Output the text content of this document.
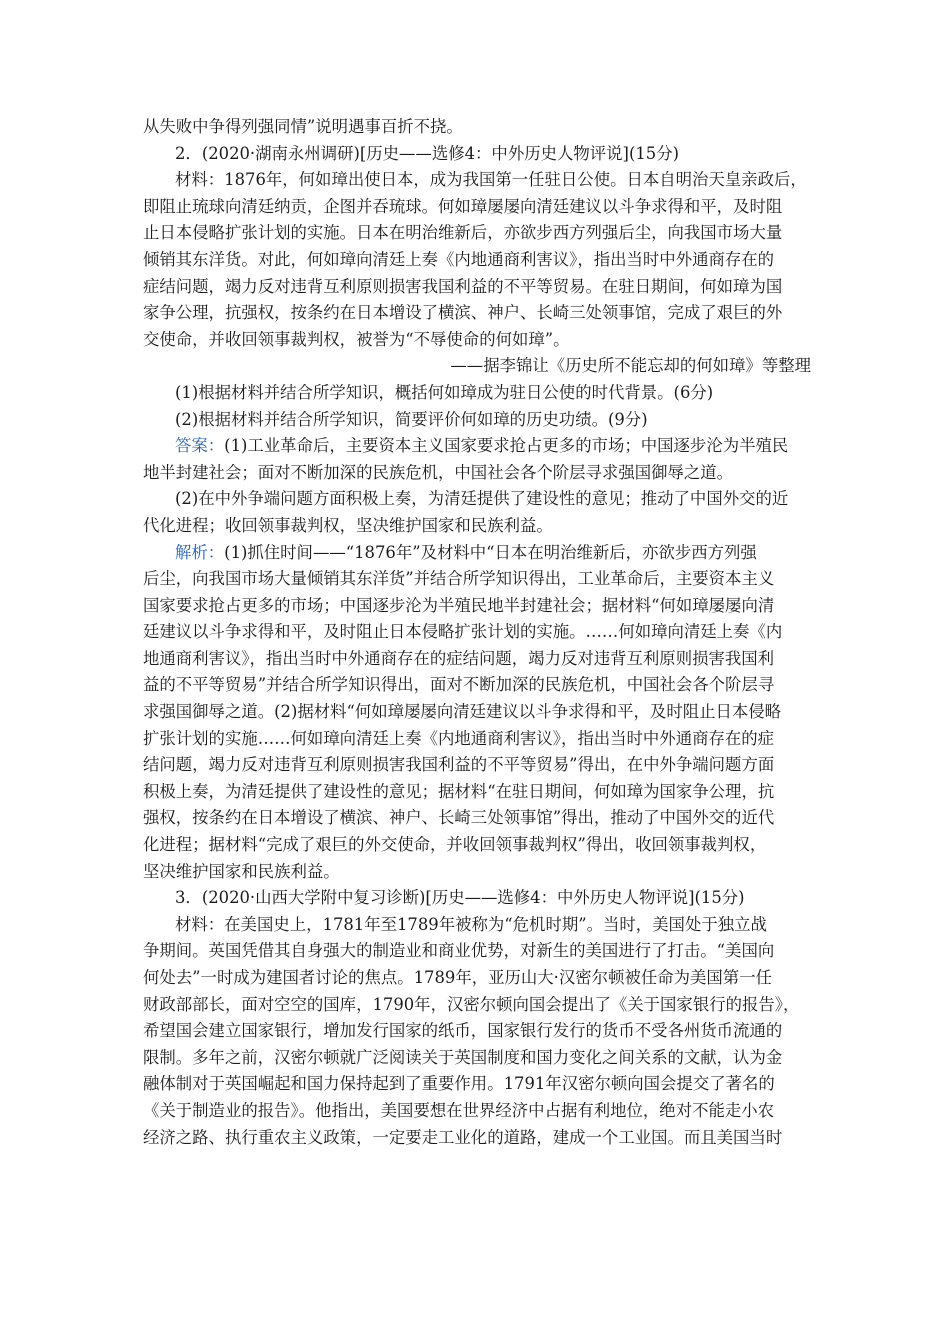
从失败中争得列强同情”说明遇事百折不挠。
2．(2020·湖南永州调研)[历史——选修4：中外历史人物评说](15分)
材料：1876年，何如璋出使日本，成为我国第一任驻日公使。日本自明治天皇亲政后，
即阻止琉球向清廷纳贡，企图并吞琉球。何如璋屡屡向清廷建议以斗争求得和平，及时阻
止日本侵略扩张计划的实施。日本在明治维新后，亦欲步西方列强后尘，向我国市场大量
倾销其东洋货。对此，何如璋向清廷上奏《内地通商利害议》，指出当时中外通商存在的
症结问题，竭力反对违背互利原则损害我国利益的不平等贸易。在驻日期间，何如璋为国
家争公理，抗强权，按条约在日本增设了横滨、神户、长崎三处领事馆，完成了艰巨的外
交使命，并收回领事裁判权，被誉为“不辱使命的何如璋”。
——据李锦让《历史所不能忘却的何如璋》等整理
(1)根据材料并结合所学知识，概括何如璋成为驻日公使的时代背景。(6分)
(2)根据材料并结合所学知识，简要评价何如璋的历史功绩。(9分)
答案：(1)工业革命后，主要资本主义国家要求抢占更多的市场；中国逐步沦为半殖民
地半封建社会；面对不断加深的民族危机，中国社会各个阶层寻求强国御辱之道。
(2)在中外争端问题方面积极上奏，为清廷提供了建设性的意见；推动了中国外交的近
代化进程；收回领事裁判权，坚决维护国家和民族利益。
解析：(1)抓住时间——“1876年”及材料中“日本在明治维新后，亦欲步西方列强
后尘，向我国市场大量倾销其东洋货”并结合所学知识得出，工业革命后，主要资本主义
国家要求抢占更多的市场；中国逐步沦为半殖民地半封建社会；据材料“何如璋屡屡向清
廷建议以斗争求得和平，及时阻止日本侵略扩张计划的实施。……何如璋向清廷上奏《内
地通商利害议》，指出当时中外通商存在的症结问题，竭力反对违背互利原则损害我国利
益的不平等贸易”并结合所学知识得出，面对不断加深的民族危机，中国社会各个阶层寻
求强国御辱之道。(2)据材料“何如璋屡屡向清廷建议以斗争求得和平，及时阻止日本侵略
扩张计划的实施……何如璋向清廷上奏《内地通商利害议》，指出当时中外通商存在的症
结问题，竭力反对违背互利原则损害我国利益的不平等贸易”得出，在中外争端问题方面
积极上奏，为清廷提供了建设性的意见；据材料“在驻日期间，何如璋为国家争公理，抗
强权，按条约在日本增设了横滨、神户、长崎三处领事馆”得出，推动了中国外交的近代
化进程；据材料“完成了艰巨的外交使命，并收回领事裁判权”得出，收回领事裁判权，
坚决维护国家和民族利益。
3．(2020·山西大学附中复习诊断)[历史——选修4：中外历史人物评说](15分)
材料：在美国史上，1781年至1789年被称为“危机时期”。当时，美国处于独立战
争期间。英国凭借其自身强大的制造业和商业优势，对新生的美国进行了打击。“美国向
何处去”一时成为建国者讨论的焦点。1789年，亚历山大·汉密尔顿被任命为美国第一任
财政部部长，面对空空的国库，1790年，汉密尔顿向国会提出了《关于国家银行的报告》，
希望国会建立国家银行，增加发行国家的纸币，国家银行发行的货币不受各州货币流通的
限制。多年之前，汉密尔顿就广泛阅读关于英国制度和国力变化之间关系的文献，认为金
融体制对于英国崛起和国力保持起到了重要作用。1791年汉密尔顿向国会提交了著名的
《关于制造业的报告》。他指出，美国要想在世界经济中占据有利地位，绝对不能走小农
经济之路、执行重农主义政策，一定要走工业化的道路，建成一个工业国。而且美国当时
